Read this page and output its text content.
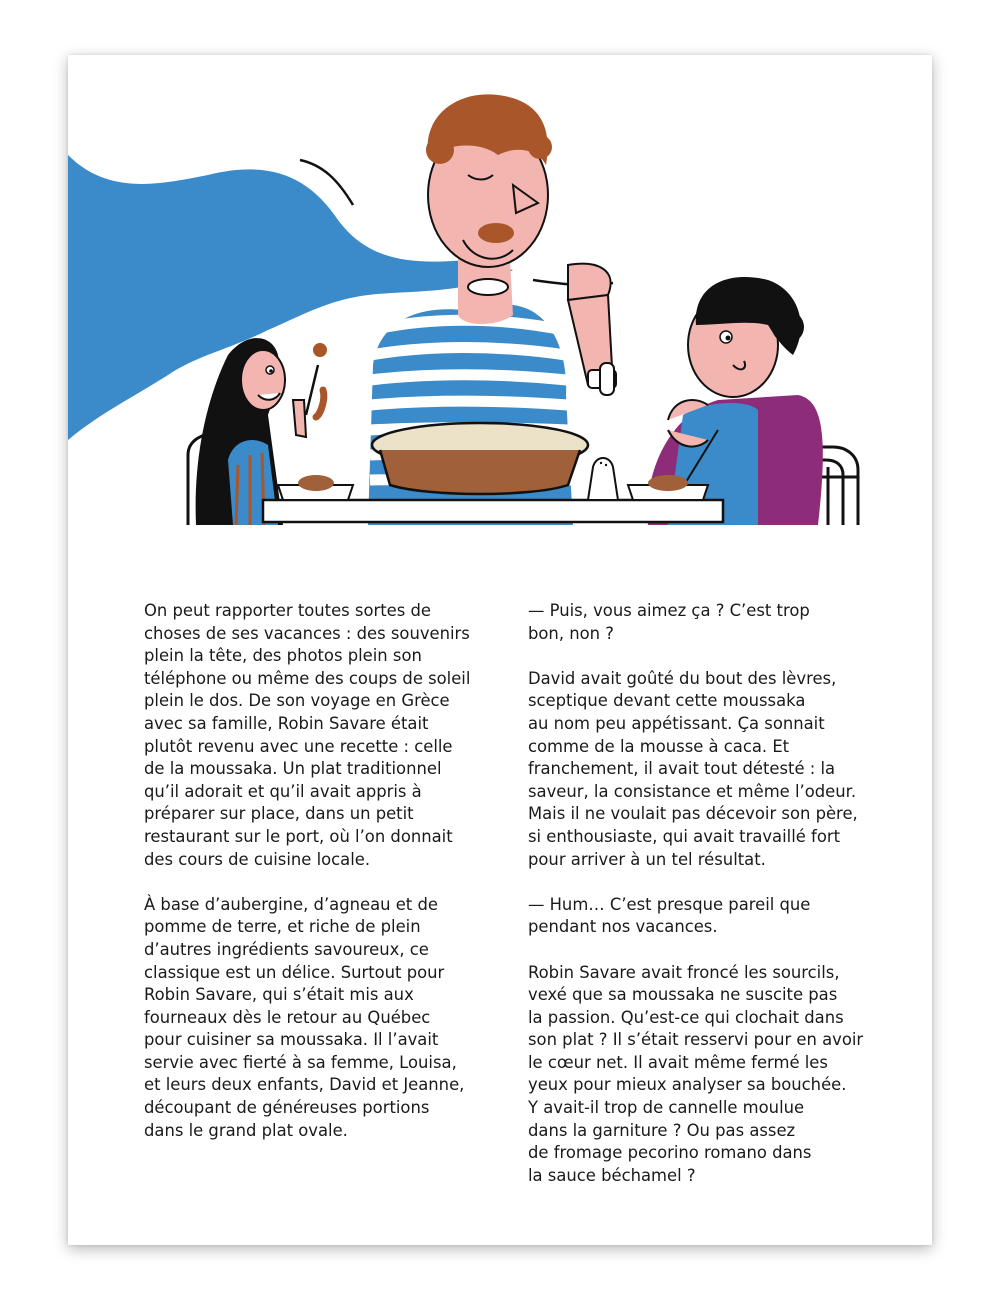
On peut rapporter toutes sortes de
choses de ses vacances : des souvenirs
plein la tête, des photos plein son
téléphone ou même des coups de soleil
plein le dos. De son voyage en Grèce
avec sa famille, Robin Savare était
plutôt revenu avec une recette : celle
de la moussaka. Un plat traditionnel
qu’il adorait et qu’il avait appris à
préparer sur place, dans un petit
restaurant sur le port, où l’on donnait
des cours de cuisine locale.

À base d’aubergine, d’agneau et de
pomme de terre, et riche de plein
d’autres ingrédients savoureux, ce
classique est un délice. Surtout pour
Robin Savare, qui s’était mis aux
fourneaux dès le retour au Québec
pour cuisiner sa moussaka. Il l’avait
servie avec fierté à sa femme, Louisa,
et leurs deux enfants, David et Jeanne,
découpant de généreuses portions
dans le grand plat ovale.

— Puis, vous aimez ça ? C’est trop
bon, non ?

David avait goûté du bout des lèvres,
sceptique devant cette moussaka
au nom peu appétissant. Ça sonnait
comme de la mousse à caca. Et
franchement, il avait tout détesté : la
saveur, la consistance et même l’odeur.
Mais il ne voulait pas décevoir son père,
si enthousiaste, qui avait travaillé fort
pour arriver à un tel résultat.

— Hum… C’est presque pareil que
pendant nos vacances.

Robin Savare avait froncé les sourcils,
vexé que sa moussaka ne suscite pas
la passion. Qu’est-ce qui clochait dans
son plat ? Il s’était resservi pour en avoir
le cœur net. Il avait même fermé les
yeux pour mieux analyser sa bouchée.
Y avait-il trop de cannelle moulue
dans la garniture ? Ou pas assez
de fromage pecorino romano dans
la sauce béchamel ?
